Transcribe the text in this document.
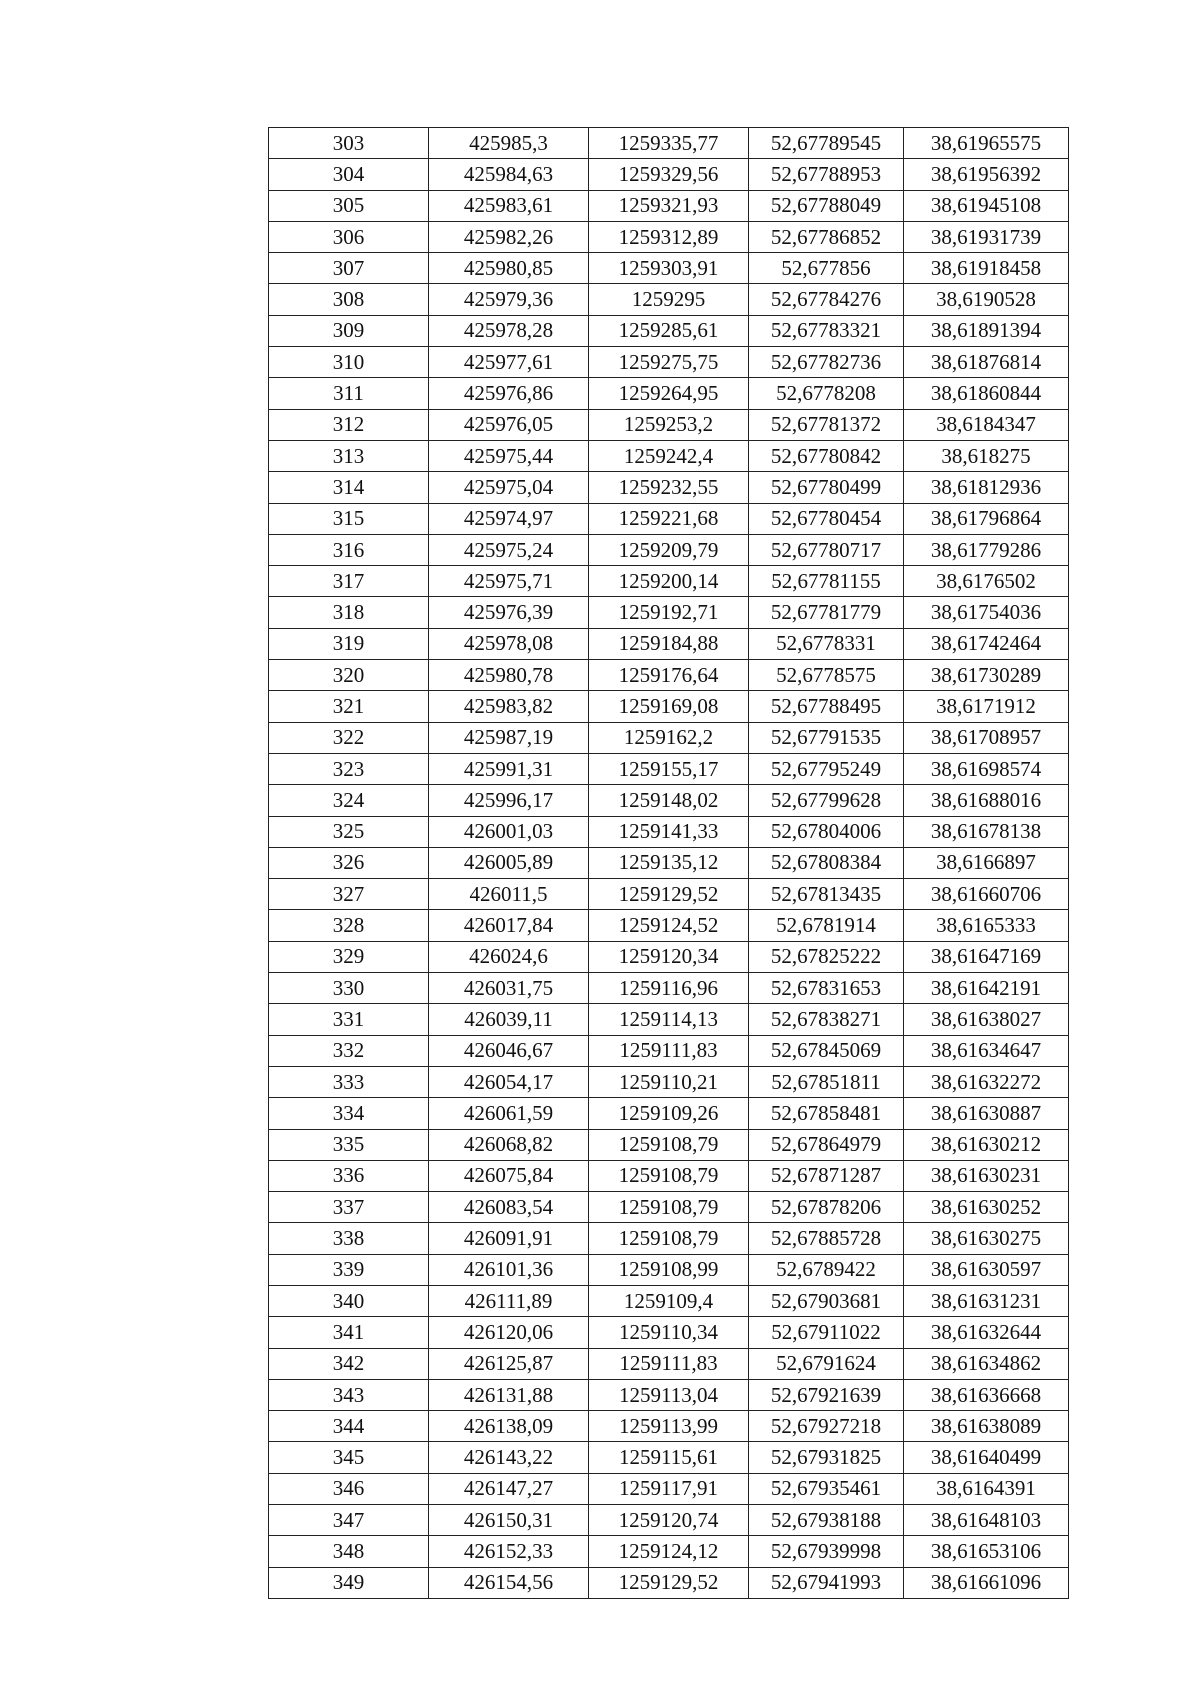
303	425985,3	1259335,77	52,67789545	38,61965575
304	425984,63	1259329,56	52,67788953	38,61956392
305	425983,61	1259321,93	52,67788049	38,61945108
306	425982,26	1259312,89	52,67786852	38,61931739
307	425980,85	1259303,91	52,677856	38,61918458
308	425979,36	1259295	52,67784276	38,6190528
309	425978,28	1259285,61	52,67783321	38,61891394
310	425977,61	1259275,75	52,67782736	38,61876814
311	425976,86	1259264,95	52,6778208	38,61860844
312	425976,05	1259253,2	52,67781372	38,6184347
313	425975,44	1259242,4	52,67780842	38,618275
314	425975,04	1259232,55	52,67780499	38,61812936
315	425974,97	1259221,68	52,67780454	38,61796864
316	425975,24	1259209,79	52,67780717	38,61779286
317	425975,71	1259200,14	52,67781155	38,6176502
318	425976,39	1259192,71	52,67781779	38,61754036
319	425978,08	1259184,88	52,6778331	38,61742464
320	425980,78	1259176,64	52,6778575	38,61730289
321	425983,82	1259169,08	52,67788495	38,6171912
322	425987,19	1259162,2	52,67791535	38,61708957
323	425991,31	1259155,17	52,67795249	38,61698574
324	425996,17	1259148,02	52,67799628	38,61688016
325	426001,03	1259141,33	52,67804006	38,61678138
326	426005,89	1259135,12	52,67808384	38,6166897
327	426011,5	1259129,52	52,67813435	38,61660706
328	426017,84	1259124,52	52,6781914	38,6165333
329	426024,6	1259120,34	52,67825222	38,61647169
330	426031,75	1259116,96	52,67831653	38,61642191
331	426039,11	1259114,13	52,67838271	38,61638027
332	426046,67	1259111,83	52,67845069	38,61634647
333	426054,17	1259110,21	52,67851811	38,61632272
334	426061,59	1259109,26	52,67858481	38,61630887
335	426068,82	1259108,79	52,67864979	38,61630212
336	426075,84	1259108,79	52,67871287	38,61630231
337	426083,54	1259108,79	52,67878206	38,61630252
338	426091,91	1259108,79	52,67885728	38,61630275
339	426101,36	1259108,99	52,6789422	38,61630597
340	426111,89	1259109,4	52,67903681	38,61631231
341	426120,06	1259110,34	52,67911022	38,61632644
342	426125,87	1259111,83	52,6791624	38,61634862
343	426131,88	1259113,04	52,67921639	38,61636668
344	426138,09	1259113,99	52,67927218	38,61638089
345	426143,22	1259115,61	52,67931825	38,61640499
346	426147,27	1259117,91	52,67935461	38,6164391
347	426150,31	1259120,74	52,67938188	38,61648103
348	426152,33	1259124,12	52,67939998	38,61653106
349	426154,56	1259129,52	52,67941993	38,61661096
